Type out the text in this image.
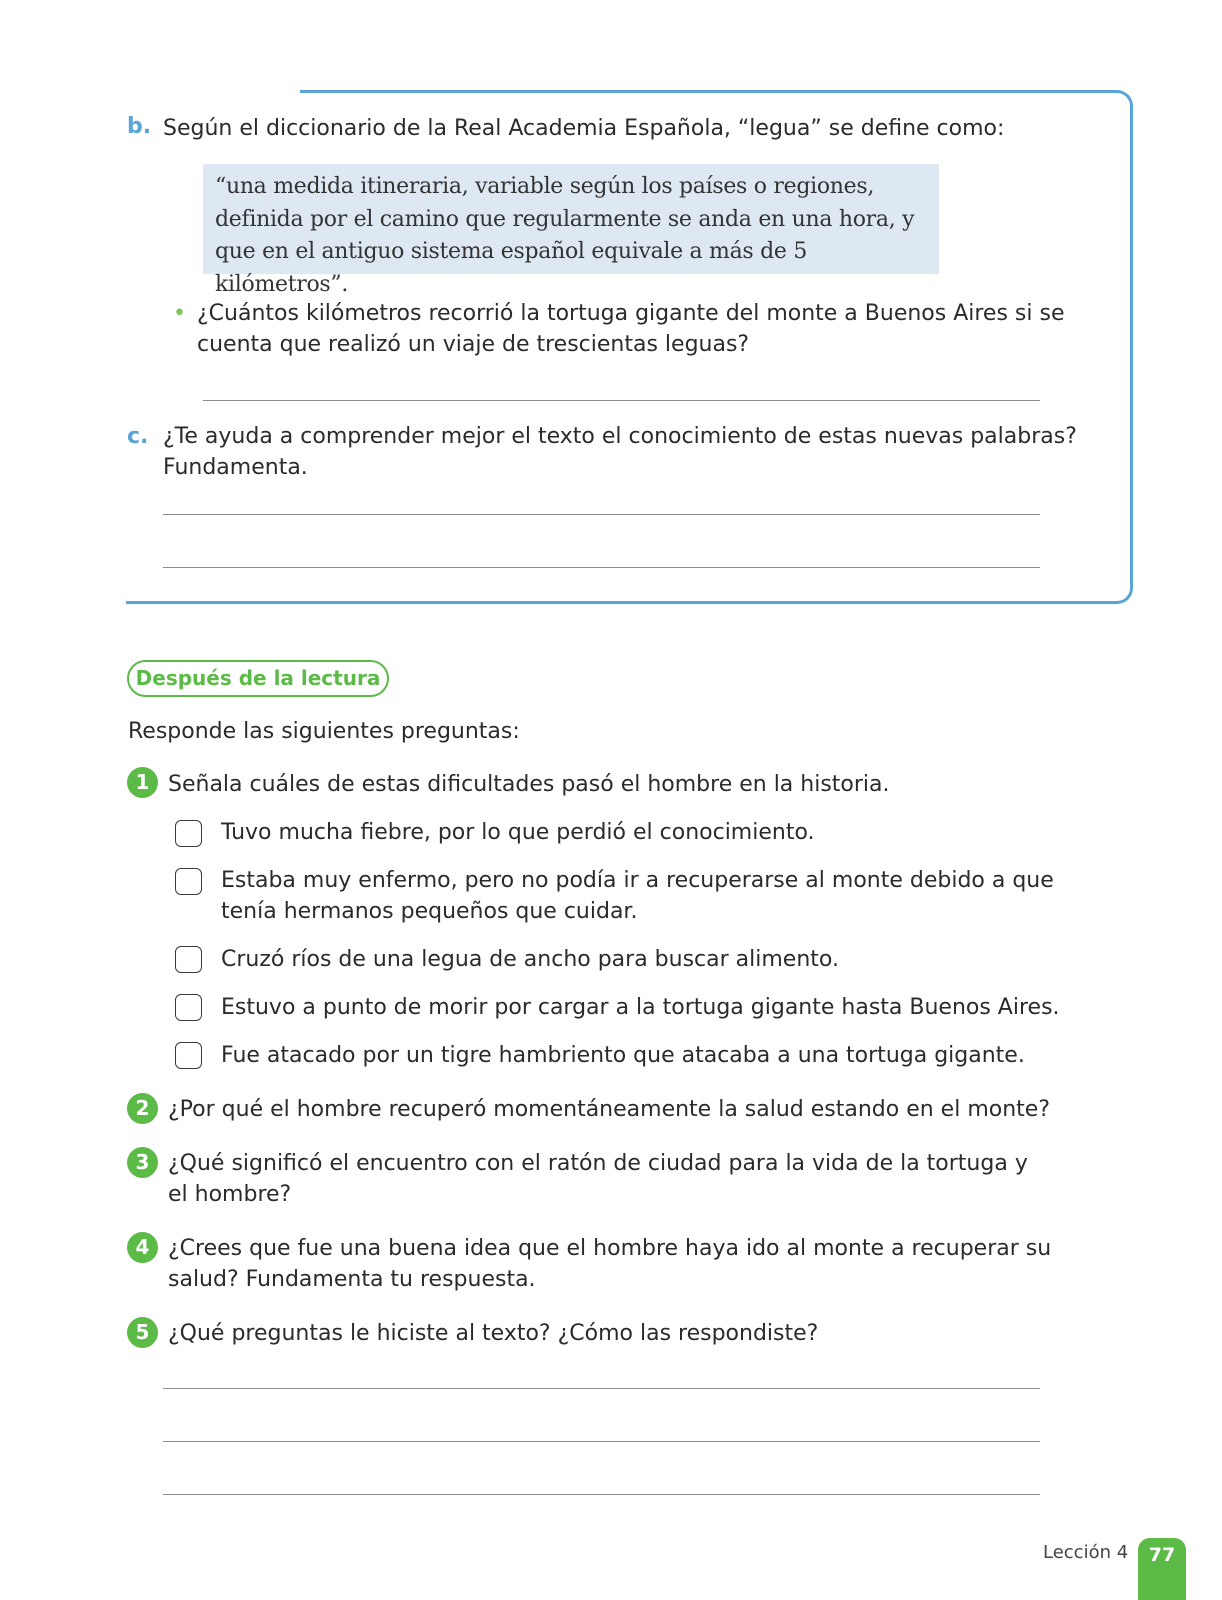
b. Según el diccionario de la Real Academia Española, “legua” se define como:
“una medida itineraria, variable según los países o regiones,
definida por el camino que regularmente se anda en una hora, y
que en el antiguo sistema español equivale a más de 5 kilómetros”.
• ¿Cuántos kilómetros recorrió la tortuga gigante del monte a Buenos Aires si se
cuenta que realizó un viaje de trescientas leguas?
c. ¿Te ayuda a comprender mejor el texto el conocimiento de estas nuevas palabras?
Fundamenta.
Después de la lectura
Responde las siguientes preguntas:
1 Señala cuáles de estas dificultades pasó el hombre en la historia.
Tuvo mucha fiebre, por lo que perdió el conocimiento.
Estaba muy enfermo, pero no podía ir a recuperarse al monte debido a que
tenía hermanos pequeños que cuidar.
Cruzó ríos de una legua de ancho para buscar alimento.
Estuvo a punto de morir por cargar a la tortuga gigante hasta Buenos Aires.
Fue atacado por un tigre hambriento que atacaba a una tortuga gigante.
2 ¿Por qué el hombre recuperó momentáneamente la salud estando en el monte?
3 ¿Qué significó el encuentro con el ratón de ciudad para la vida de la tortuga y
el hombre?
4 ¿Crees que fue una buena idea que el hombre haya ido al monte a recuperar su
salud? Fundamenta tu respuesta.
5 ¿Qué preguntas le hiciste al texto? ¿Cómo las respondiste?
Lección 4	77
